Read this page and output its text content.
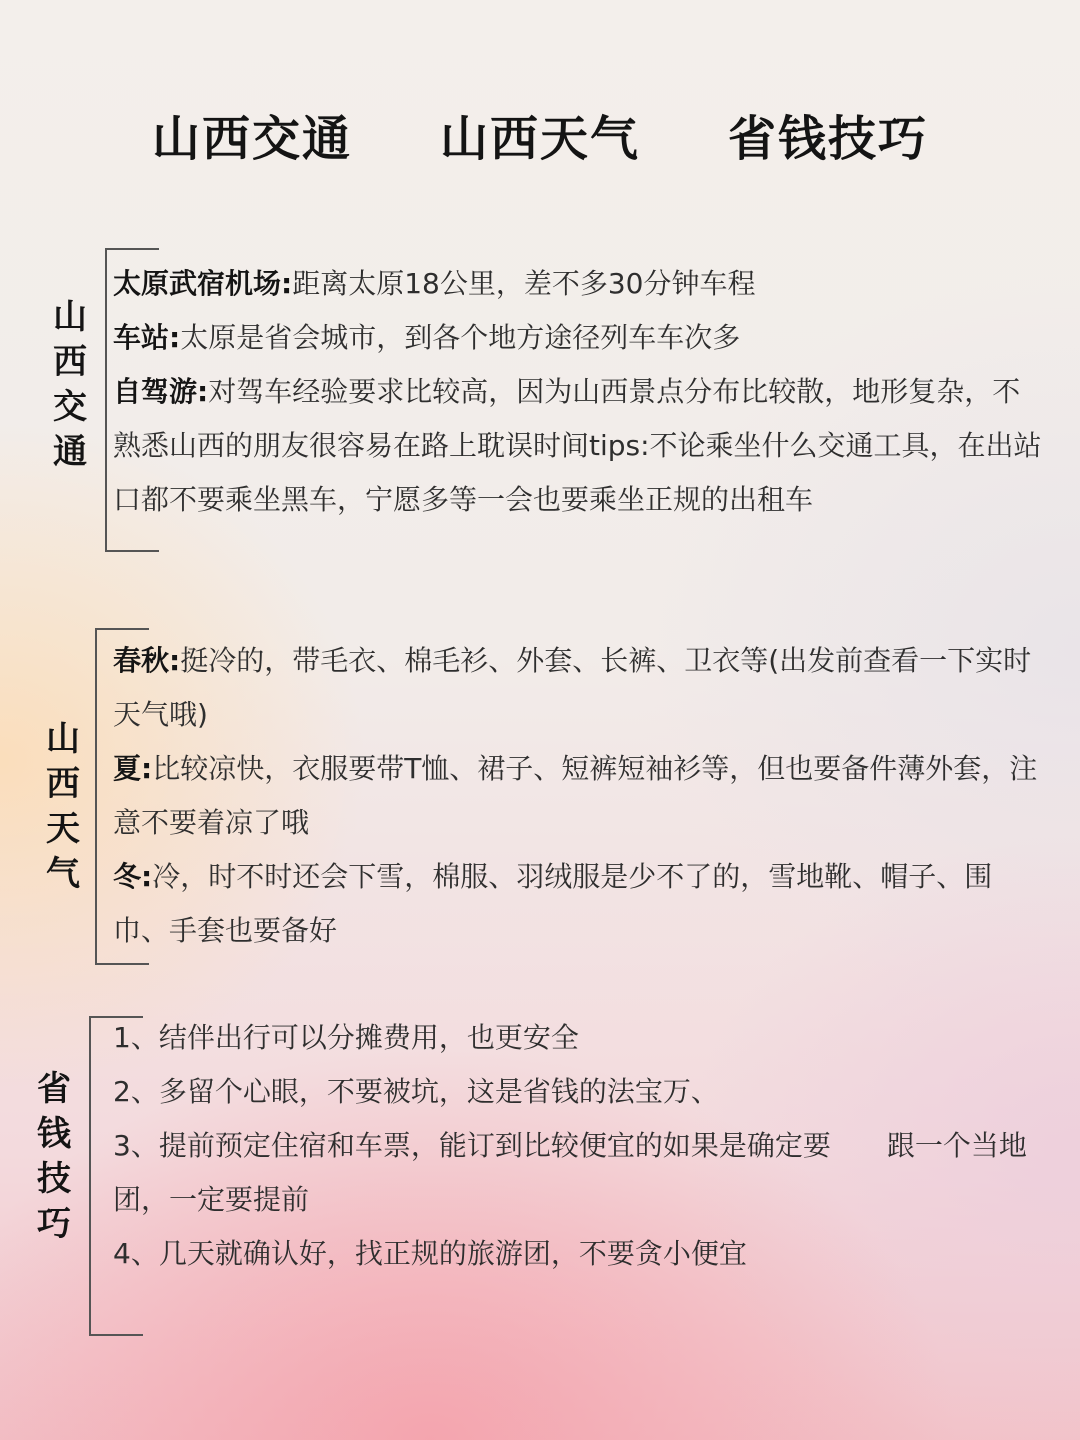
山西交通 山西天气 省钱技巧
山西交通

太原武宿机场:距离太原18公里，差不多30分钟车程

车站:太原是省会城市，到各个地方途径列车车次多

自驾游:对驾车经验要求比较高，因为山西景点分布比较散，地形复杂，不熟悉山西的朋友很容易在路上耽误时间tips:不论乘坐什么交通工具，在出站口都不要乘坐黑车，宁愿多等一会也要乘坐正规的出租车

山西天气

春秋:挺冷的，带毛衣、棉毛衫、外套、长裤、卫衣等(出发前查看一下实时天气哦)

夏:比较凉快，衣服要带T恤、裙子、短裤短袖衫等，但也要备件薄外套，注意不要着凉了哦

冬:冷，时不时还会下雪，棉服、羽绒服是少不了的，雪地靴、帽子、围巾、手套也要备好

省钱技巧

1、结伴出行可以分摊费用，也更安全

2、多留个心眼，不要被坑，这是省钱的法宝万、

3、提前预定住宿和车票，能订到比较便宜的如果是确定要　　跟一个当地团，一定要提前

4、几天就确认好，找正规的旅游团，不要贪小便宜
